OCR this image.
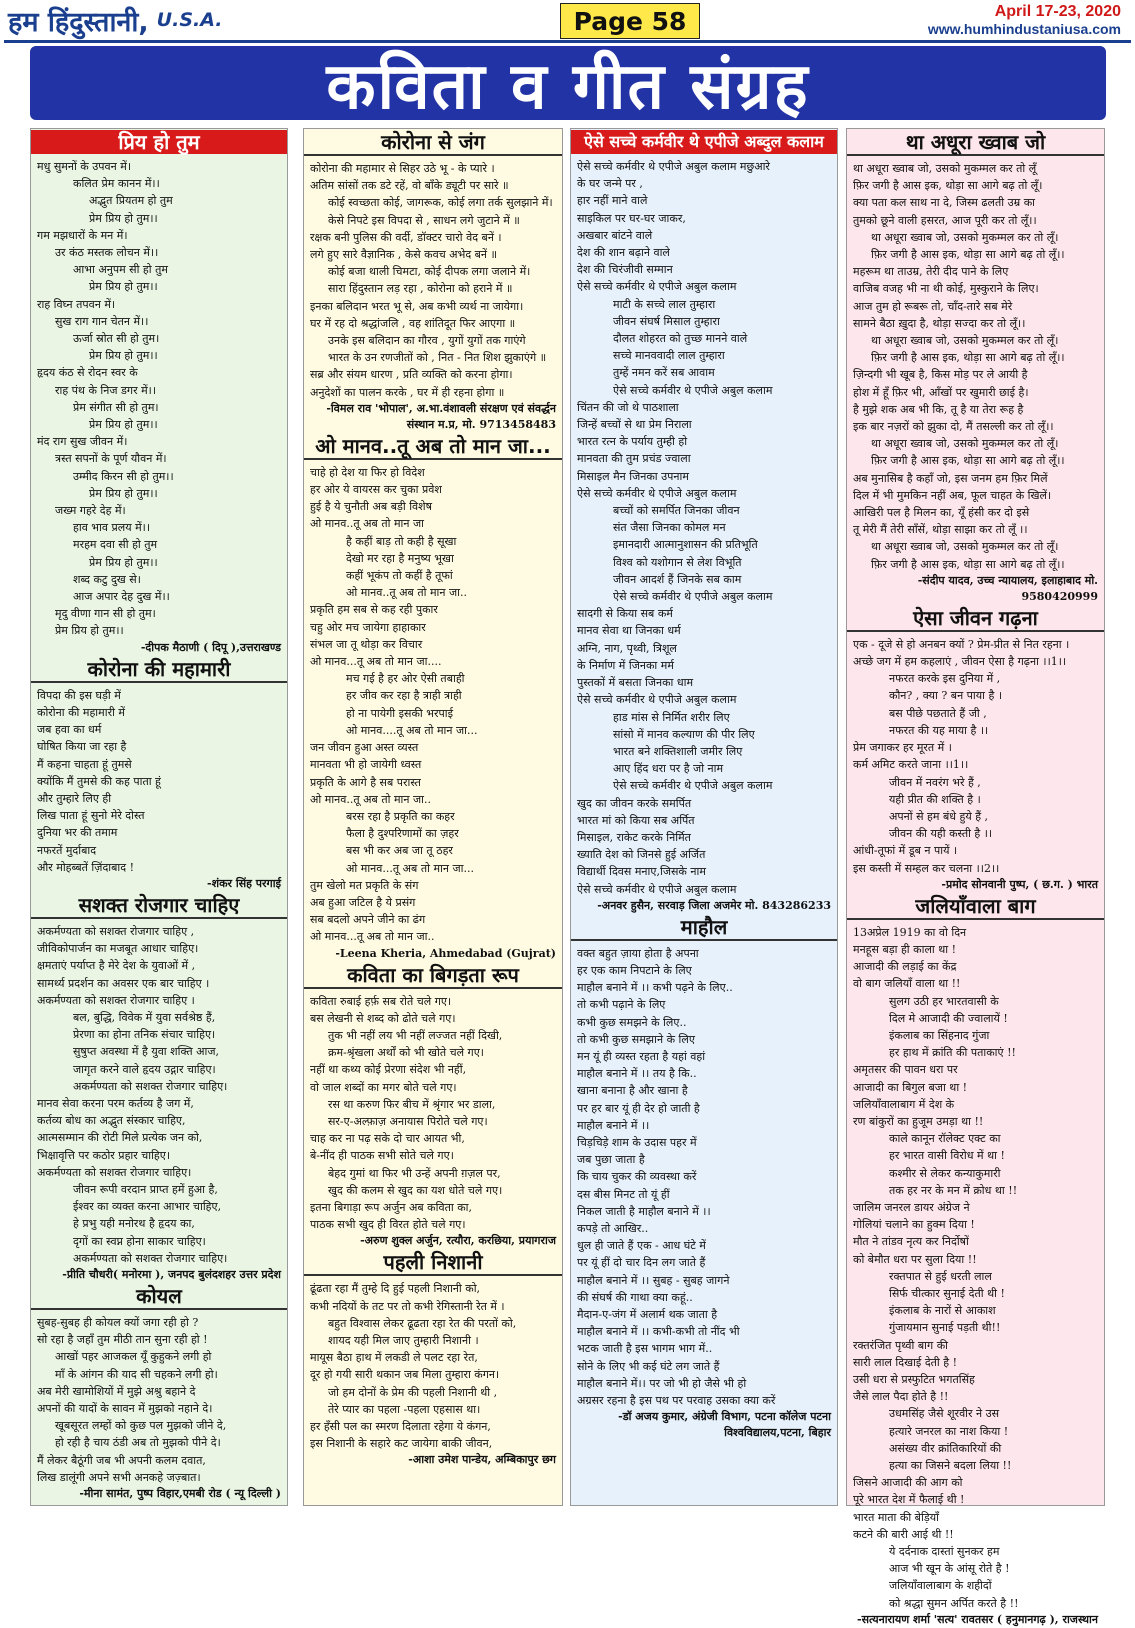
हम हिंदुस्तानी, U.S.A.	Page 58	April 17-23, 2020
www.humhindustaniusa.com
कविता व गीत संग्रह
प्रिय हो तुम
मधु सुमनों के उपवन में।
कलित प्रेम कानन में।।
अद्भुत प्रियतम हो तुम
प्रेम प्रिय हो तुम।।
गम मझधारों के मन में।
उर कंठ मस्तक लोचन में।।
आभा अनुपम सी हो तुम
प्रेम प्रिय हो तुम।।
राह विघ्न तपवन में।
सुख राग गान चेतन में।।
ऊर्जा स्रोत सी हो तुम।
प्रेम प्रिय हो तुम।।
हृदय कंठ से रोदन स्वर के
राह पंथ के निज डगर में।।
प्रेम संगीत सी हो तुम।
प्रेम प्रिय हो तुम।।
मंद राग सुख जीवन में।
त्रस्त सपनों के पूर्ण यौवन में।
उम्मीद किरन सी हो तुम।।
प्रेम प्रिय हो तुम।।
जख्म गहरे देह में।
हाव भाव प्रलय में।।
मरहम दवा सी हो तुम
प्रेम प्रिय हो तुम।।
शब्द कटु दुख से।
आज अपार देह दुख में।।
मृदु वीणा गान सी हो तुम।
प्रेम प्रिय हो तुम।।
-दीपक मैठाणी ( दिपू ),उत्तराखण्ड
कोरोना की महामारी
विपदा की इस घड़ी में
कोरोना की महामारी में
जब हवा का धर्म
घोषित किया जा रहा है
मैं कहना चाहता हूं तुमसे
क्योंकि मैं तुमसे की कह पाता हूं
और तुम्हारे लिए ही
लिख पाता हूं सुनो मेरे दोस्त
दुनिया भर की तमाम
नफरतें मुर्दाबाद
और मोहब्बतें ज़िंदाबाद !
-शंकर सिंह परगाई
सशक्त रोजगार चाहिए
अकर्मण्यता को सशक्त रोजगार चाहिए ,
जीविकोपार्जन का मजबूत आधार चाहिए।
क्षमताएं पर्याप्त है मेरे देश के युवाओं में ,
सामर्थ्य प्रदर्शन का अवसर एक बार चाहिए ।
अकर्मण्यता को सशक्त रोजगार चाहिए ।
बल, बुद्धि, विवेक में युवा सर्वश्रेष्ठ हैं,
प्रेरणा का होना तनिक संचार चाहिए।
सुषुप्त अवस्था में है युवा शक्ति आज,
जागृत करने वाले हृदय उद्गार चाहिए।
अकर्मण्यता को सशक्त रोजगार चाहिए।
मानव सेवा करना परम कर्तव्य है जग में,
कर्तव्य बोध का अद्भुत संस्कार चाहिए,
आत्मसम्मान की रोटी मिले प्रत्येक जन को,
भिक्षावृत्ति पर कठोर प्रहार चाहिए।
अकर्मण्यता को सशक्त रोजगार चाहिए।
जीवन रूपी वरदान प्राप्त हमें हुआ है,
ईश्वर का व्यक्त करना आभार चाहिए,
हे प्रभु यही मनोरथ है हृदय का,
दृगों का स्वप्न होना साकार चाहिए।
अकर्मण्यता को सशक्त रोजगार चाहिए।
-प्रीति चौधरी( मनोरमा ), जनपद बुलंदशहर उत्तर प्रदेश
कोयल
सुबह-सुबह ही कोयल क्यों जगा रही हो ?
सो रहा है जहाँ तुम मीठी तान सुना रही हो !
आखों पहर आजकल यूँ कुहुकने लगी हो
माँ के आंगन की याद सी चहकने लगी हो।
अब मेरी खामोशियों में मुझे अश्रु बहाने दे
अपनों की यादों के सावन में मुझको नहाने दे।
खूबसूरत लम्हों को कुछ पल मुझको जीने दे,
हो रही है चाय ठंडी अब तो मुझको पीने दे।
मैं लेकर बैठूंगी जब भी अपनी कलम दवात,
लिख डालूंगी अपने सभी अनकहे जज़्बात।
-मीना सामंत, पुष्प विहार,एमबी रोड ( न्यू दिल्ली )
कोरोना से जंग
कोरोना की महामार से सिहर उठे भू - के प्यारे ।
अतिम सांसों तक डटे रहें, वो बाँके ड्यूटी पर सारे ॥
कोई स्वच्छता कोई, जागरूक, कोई लगा तर्क सुलझाने में।
केसे निपटे इस विपदा से , साधन लगे जुटाने में ॥
रक्षक बनी पुलिस की वर्दी, डॉक्टर चारो वेद बनें ।
लगे हुए सारे वैज्ञानिक , केसे कवच अभेद बनें ॥
कोई बजा थाली चिमटा, कोई दीपक लगा जलाने में।
सारा हिंदुस्तान लड़ रहा , कोरोना को हराने में ॥
इनका बलिदान भरत भू से, अब कभी व्यर्थ ना जायेगा।
घर में रह दो श्रद्धांजलि , वह शांतिदूत फिर आएगा ॥
उनके इस बलिदान का गौरव , युगों युगों तक गाएंगे
भारत के उन रणजीतों को , नित - नित शिश झुकाएंगे ॥
सब्र और संयम धारण , प्रति व्यक्ति को करना होगा।
अनुदेशों का पालन करके , घर में ही रहना होगा ॥
-विमल राव 'भोपाल', अ.भा.वंशावली संरक्षण एवं संवर्द्धन संस्थान म.प्र, मो. 9713458483
ओ मानव..तू अब तो मान जा...
चाहे हो देश या फिर हो विदेश
हर ओर ये वायरस कर चुका प्रवेश
हुई है ये चुनौती अब बड़ी विशेष
ओ मानव..तू अब तो मान जा
है कहीं बाड़ तो कही है सूखा
देखो मर रहा है मनुष्य भूखा
कहीं भूकंप तो कहीं है तूफां
ओ मानव..तू अब तो मान जा..
प्रकृति हम सब से कह रही पुकार
चहु ओर मच जायेगा हाहाकार
संभल जा तू थोड़ा कर विचार
ओ मानव...तू अब तो मान जा....
मच गई है हर ओर ऐसी तबाही
हर जीव कर रहा है त्राही त्राही
हो ना पायेगी इसकी भरपाई
ओ मानव....तू अब तो मान जा...
जन जीवन हुआ अस्त व्यस्त
मानवता भी हो जायेगी ध्वस्त
प्रकृति के आगे है सब परास्त
ओ मानव..तू अब तो मान जा..
बरस रहा है प्रकृति का कहर
फैला है दुश्परिणामों का ज़हर
बस भी कर अब जा तू ठहर
ओ मानव...तू अब तो मान जा...
तुम खेलो मत प्रकृति के संग
अब हुआ जटिल है ये प्रसंग
सब बदलो अपने जीने का ढंग
ओ मानव...तू अब तो मान जा..
-Leena Kheria, Ahmedabad (Gujrat)
कविता का बिगड़ता रूप
कविता रुबाई हर्फ़ सब रोते चले गए।
बस लेखनी से शब्द को ढोते चले गए।
तुक भी नहीं लय भी नहीं लज्जत नहीं दिखी,
क्रम-श्रृंखला अर्थों को भी खोते चले गए।
नहीं था कथ्य कोई प्रेरणा संदेश भी नहीं,
वो जाल शब्दों का मगर बोते चले गए।
रस था करुण फिर बीच में श्रृंगार भर डाला,
सर-ए-अल्फ़ाज़ अनायास पिरोते चले गए।
चाह कर ना पढ़ सके दो चार आयत भी,
बे-नींद ही पाठक सभी सोते चले गए।
बेहद गुमां था फिर भी उन्हें अपनी ग़ज़ल पर,
खुद की कलम से खुद का यश धोते चले गए।
इतना बिगाड़ा रूप अर्जुन अब कविता का,
पाठक सभी खुद ही विरत होते चले गए।
-अरुण शुक्ल अर्जुन, रत्यौरा, करछिया, प्रयागराज
पहली निशानी
ढूंढता रहा मैं तुम्हे दि हुई पहली निशानी को,
कभी नदियों के तट पर तो कभी रेगिस्तानी रेत में ।
बहुत विश्वास लेकर ढूढता रहा रेत की परतों को,
शायद यही मिल जाए तुम्हारी निशानी ।
मायूस बैठा हाथ में लकडी ले पलट रहा रेत,
दूर हो गयी सारी थकान जब मिला तुम्हारा कंगन।
जो हम दोनों के प्रेम की पहली निशानी थी ,
तेरे प्यार का पहला -पहला एहसास था।
हर हँसी पल का स्मरण दिलाता रहेगा ये कंगन,
इस निशानी के सहारे कट जायेगा बाकी जीवन,
-आशा उमेश पान्डेय, अम्बिकापुर छग
ऐसे सच्चे कर्मवीर थे एपीजे अब्दुल कलाम
ऐसे सच्चे कर्मवीर थे एपीजे अबुल कलाम मछुआरे
के घर जन्मे पर ,
हार नहीं माने वाले
साइकिल पर घर-घर जाकर,
अखबार बांटने वाले
देश की शान बढ़ाने वाले
देश की चिरंजीवी सम्मान
ऐसे सच्चे कर्मवीर थे एपीजे अबुल कलाम
माटी के सच्चे लाल तुम्हारा
जीवन संघर्ष मिसाल तुम्हारा
दौलत शोहरत को तुच्छ मानने वाले
सच्चे मानववादी लाल तुम्हारा
तुम्हें नमन करें सब आवाम
ऐसे सच्चे कर्मवीर थे एपीजे अबुल कलाम
चिंतन की जो थे पाठशाला
जिन्हें बच्चों से था प्रेम निराला
भारत रत्न के पर्याय तुम्ही हो
मानवता की तुम प्रचंड ज्वाला
मिसाइल मैन जिनका उपनाम
ऐसे सच्चे कर्मवीर थे एपीजे अबुल कलाम
बच्चों को समर्पित जिनका जीवन
संत जैसा जिनका कोमल मन
इमानदारी आत्मानुशासन की प्रतिभूति
विश्व को यशोगान से लेश विभूति
जीवन आदर्श हैं जिनके सब काम
ऐसे सच्चे कर्मवीर थे एपीजे अबुल कलाम
सादगी से किया सब कर्म
मानव सेवा था जिनका धर्म
अग्नि, नाग, पृथ्वी, त्रिशूल
के निर्माण में जिनका मर्म
पुस्तकों में बसता जिनका धाम
ऐसे सच्चे कर्मवीर थे एपीजे अबुल कलाम
हाड मांस से निर्मित शरीर लिए
सांसो में मानव कल्याण की पीर लिए
भारत बने शक्तिशाली जमीर लिए
आए हिंद धरा पर है जो नाम
ऐसे सच्चे कर्मवीर थे एपीजे अबुल कलाम
खुद का जीवन करके समर्पित
भारत मां को किया सब अर्पित
मिसाइल, राकेट करके निर्मित
ख्याति देश को जिनसे हुई अर्जित
विद्यार्थी दिवस मनाए,जिसके नाम
ऐसे सच्चे कर्मवीर थे एपीजे अबुल कलाम
-अनवर हुसैन, सरवाड़ जिला अजमेर मो. 843286233
माहौल
वक्त बहुत ज़ाया होता है अपना
हर एक काम निपटाने के लिए
माहौल बनाने में ।। कभी पढ़ने के लिए..
तो कभी पढ़ाने के लिए
कभी कुछ समझने के लिए..
तो कभी कुछ समझाने के लिए
मन यूं ही व्यस्त रहता है यहां वहां
माहौल बनाने में ।। तय है कि..
खाना बनाना है और खाना है
पर हर बार यूं ही देर हो जाती है
माहौल बनाने में ।।
चिड़चिड़े शाम के उदास पहर में
जब पुछा जाता है
कि चाय चुकर की व्यवस्था करें
दस बीस मिनट तो यूं हीं
निकल जाती है माहौल बनाने में ।।
कपड़े तो आखिर..
धुल ही जाते हैं एक - आध घंटे में
पर यूं हीं दो चार दिन लग जाते हैं
माहौल बनाने में ।। सुबह - सुबह जागने
की संघर्ष की गाथा क्या कहूं..
मैदान-ए-जंग में अलार्म थक जाता है
माहौल बनाने में ।। कभी-कभी तो नींद भी
भटक जाती है इस भागम भाग में..
सोने के लिए भी कई घंटे लग जाते हैं
माहौल बनाने में।। पर जो भी हो जैसे भी हो
अग्रसर रहना है इस पथ पर परवाह उसका क्या करें
-डॉ अजय कुमार, अंग्रेजी विभाग, पटना कॉलेज पटना विश्वविद्यालय,पटना, बिहार
था अधूरा ख्वाब जो
था अधूरा ख्वाब जो, उसको मुकम्मल कर तो लूँ
फ़िर जगी है आस इक, थोड़ा सा आगे बढ़ तो लूँ।
क्या पता कल साथ ना दे, जिस्म ढलती उम्र का
तुमको छूने वाली हसरत, आज पूरी कर तो लूँ।।
था अधूरा ख्वाब जो, उसको मुकम्मल कर तो लूँ।
फ़िर जगी है आस इक, थोड़ा सा आगे बढ़ तो लूँ।।
महरूम था ताउम्र, तेरी दीद पाने के लिए
वाजिब वजह भी ना थी कोई, मुस्कुराने के लिए।
आज तुम हो रूबरू तो, चाँद-तारे सब मेरे
सामने बैठा ख़ुदा है, थोड़ा सज्दा कर तो लूँ।।
था अधूरा ख्वाब जो, उसको मुकम्मल कर तो लूँ।
फ़िर जगी है आस इक, थोड़ा सा आगे बढ़ तो लूँ।।
ज़िन्दगी भी खूब है, किस मोड़ पर ले आयी है
होश में हूँ फ़िर भी, आँखों पर खुमारी छाई है।
है मुझे शक अब भी कि, तू है या तेरा रूह है
इक बार नज़रों को झुका दो, मैं तसल्ली कर तो लूँ।।
था अधूरा ख्वाब जो, उसको मुकम्मल कर तो लूँ।
फ़िर जगी है आस इक, थोड़ा सा आगे बढ़ तो लूँ।।
अब मुनासिब है कहाँ जो, इस जनम हम फ़िर मिलें
दिल में भी मुमकिन नहीं अब, फूल चाहत के खिलें।
आखिरी पल है मिलन का, यूँ हंसी कर दो इसे
तू मेरी मैं तेरी साँसें, थोड़ा साझा कर तो लूँ ।।
था अधूरा ख्वाब जो, उसको मुकम्मल कर तो लूँ।
फ़िर जगी है आस इक, थोड़ा सा आगे बढ़ तो लूँ।।
-संदीप यादव, उच्च न्यायालय, इलाहाबाद मो. 9580420999
ऐसा जीवन गढ़ना
एक - दूजे से हो अनबन क्यों ? प्रेम-प्रीत से नित रहना ।
अच्छे जग में हम कहलाएं , जीवन ऐसा है गढ़ना ।।1।।
नफरत करके इस दुनिया में ,
कौन? , क्या ? बन पाया है ।
बस पीछे पछताते हैं जी ,
नफरत की यह माया है ।।
प्रेम जगाकर हर मूरत में ।
कर्म अमिट करते जाना ।।1।।
जीवन में नवरंग भरे हैं ,
यही प्रीत की शक्ति है ।
अपनों से हम बंधे हुये हैं ,
जीवन की यही कस्ती है ।।
आंधी-तूफां में डूब न पायें ।
इस कस्ती में सम्हल कर चलना ।।2।।
-प्रमोद सोनवानी पुष्प, ( छ.ग. ) भारत
जलियाँवाला बाग
13अप्रेल 1919 का वो दिन
मनहूस बड़ा ही काला था !
आजादी की लड़ाई का केंद्र
वो बाग जलियाँ वाला था !!
सुलग उठी हर भारतवासी के
दिल मे आजादी की ज्वालायें !
इंकलाब का सिंहनाद गुंजा
हर हाथ में क्रांति की पताकाएं !!
अमृतसर की पावन धरा पर
आजादी का बिगुल बजा था !
जलियाँवालाबाग में देश के
रण बांकुरों का हुजूम उमड़ा था !!
काले कानून रॉलेक्ट एक्ट का
हर भारत वासी विरोध में था !
कश्मीर से लेकर कन्याकुमारी
तक हर नर के मन में क्रोध था !!
जालिम जनरल डायर अंग्रेज ने
गोलियां चलाने का हुक्म दिया !
मौत ने तांडव नृत्य कर निर्दोषों
को बेमौत धरा पर सुला दिया !!
रक्तपात से हुई धरती लाल
सिर्फ चीत्कार सुनाई देती थी !
इंकलाब के नारों से आकाश
गुंजायमान सुनाई पड़ती थी!!
रक्तरंजित पृथ्वी बाग की
सारी लाल दिखाई देती है !
उसी धरा से प्रस्फुटित भगतसिंह
जैसे लाल पैदा होते है !!
उधमसिंह जैसे शूरवीर ने उस
हत्यारे जनरल का नाश किया !
असंख्य वीर क्रांतिकारियों की
हत्या का जिसने बदला लिया !!
जिसने आजादी की आग को
पूरे भारत देश में फैलाई थी !
भारत माता की बेड़ियाँ
कटने की बारी आई थी !!
ये दर्दनाक दास्तां सुनकर हम
आज भी खून के आंसू रोते है !
जलियाँवालाबाग के शहीदों
को श्रद्धा सुमन अर्पित करते है !!
-सत्यनारायण शर्मा 'सत्य' रावतसर ( हनुमानगढ़ ), राजस्थान
